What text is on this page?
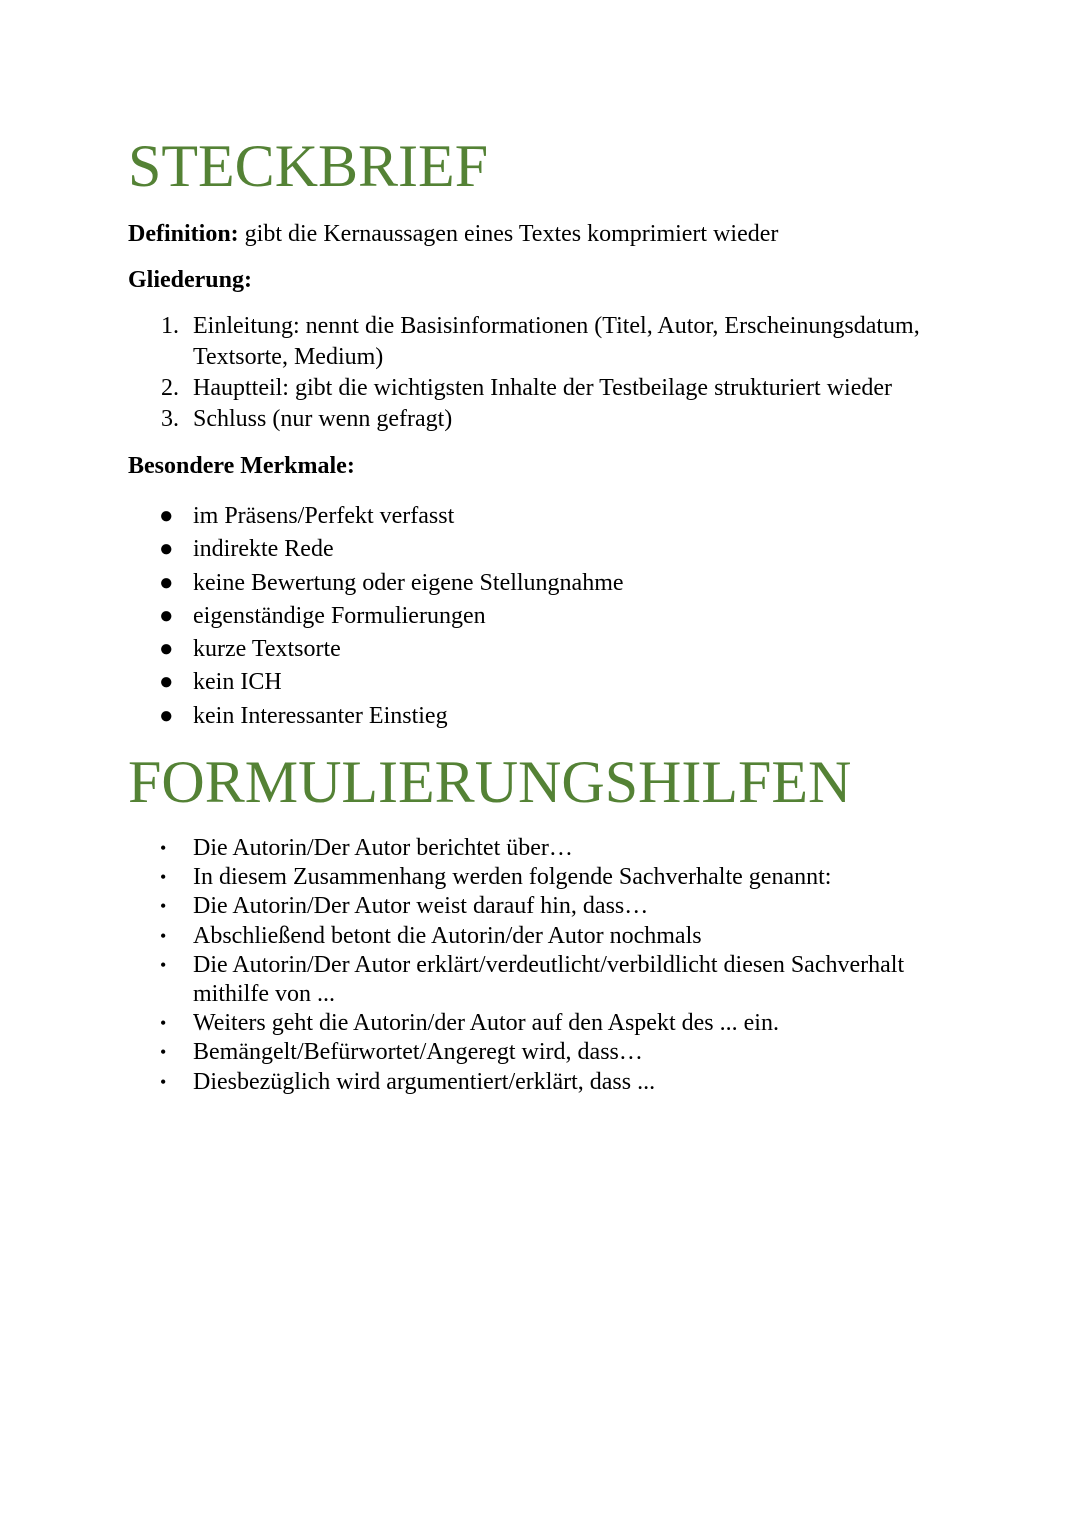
STECKBRIEF

Definition: gibt die Kernaussagen eines Textes komprimiert wieder

Gliederung:

1. Einleitung: nennt die Basisinformationen (Titel, Autor, Erscheinungsdatum, Textsorte, Medium)
2. Hauptteil: gibt die wichtigsten Inhalte der Testbeilage strukturiert wieder
3. Schluss (nur wenn gefragt)

Besondere Merkmale:

● im Präsens/Perfekt verfasst
● indirekte Rede
● keine Bewertung oder eigene Stellungnahme
● eigenständige Formulierungen
● kurze Textsorte
● kein ICH
● kein Interessanter Einstieg
FORMULIERUNGSHILFEN
• Die Autorin/Der Autor berichtet über…
• In diesem Zusammenhang werden folgende Sachverhalte genannt:
• Die Autorin/Der Autor weist darauf hin, dass…
• Abschließend betont die Autorin/der Autor nochmals
• Die Autorin/Der Autor erklärt/verdeutlicht/verbildlicht diesen Sachverhalt mithilfe von ...
• Weiters geht die Autorin/der Autor auf den Aspekt des ... ein.
• Bemängelt/Befürwortet/Angeregt wird, dass…
• Diesbezüglich wird argumentiert/erklärt, dass ...
